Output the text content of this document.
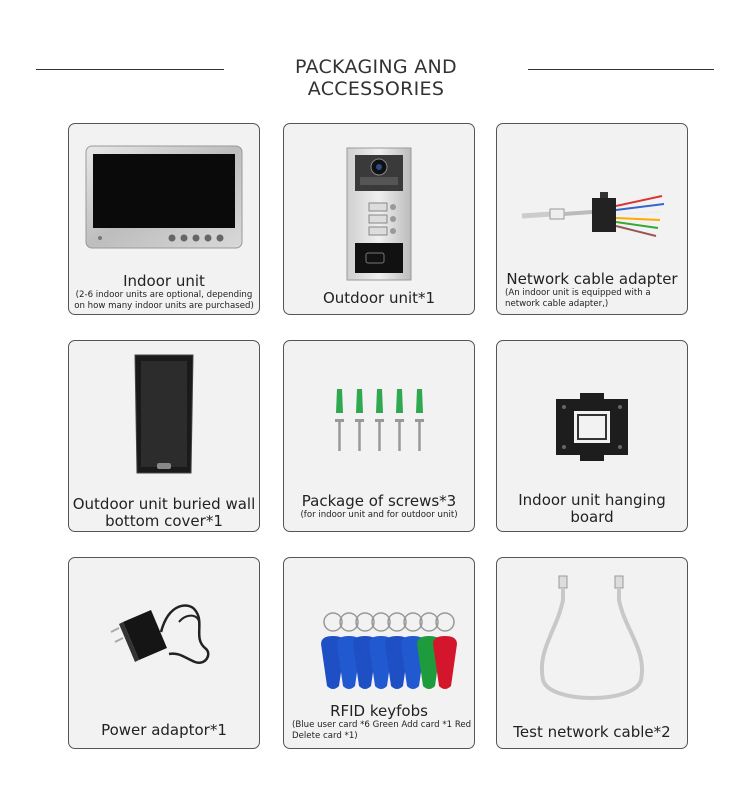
PACKAGING AND ACCESSORIES
Indoor unit
(2-6 indoor units are optional, depending on how many indoor units are purchased)	Outdoor unit*1
Network cable adapter
(An indoor unit is equipped with a network cable adapter,)
Outdoor unit buried wall bottom cover*1
Package of screws*3
(for indoor unit and for outdoor unit)
Indoor unit hanging board
Power adaptor*1
RFID keyfobs
(Blue user card *6 Green Add card *1 Red Delete card *1)	Test network cable*2
